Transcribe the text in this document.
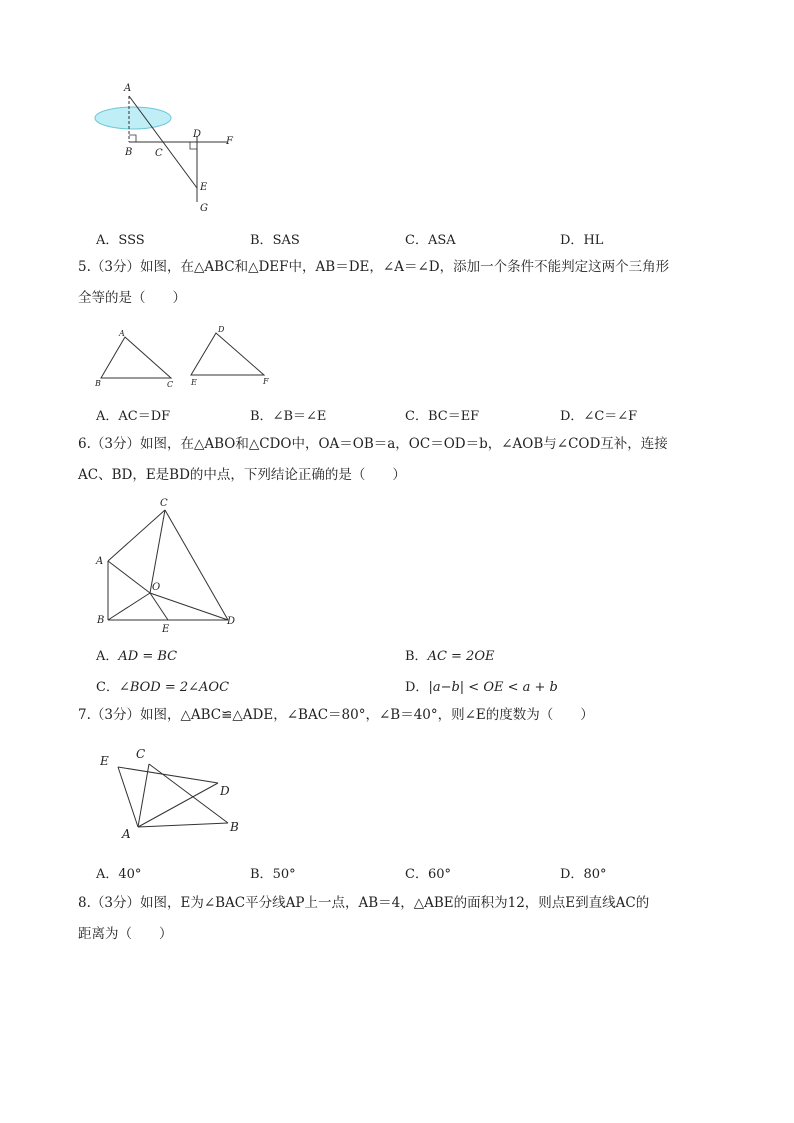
A
B C
D
F
E
G
A．SSS	B．SAS	C．ASA	D．HL
5.（3分）如图，在△ABC和△DEF中，AB＝DE，∠A＝∠D，添加一个条件不能判定这两个三角形
全等的是（　　）
A
B	C
D
E	F
A．AC＝DF	B．∠B＝∠E	C．BC＝EF	D．∠C＝∠F
6.（3分）如图，在△ABO和△CDO中，OA＝OB＝a，OC＝OD＝b，∠AOB与∠COD互补，连接
AC、BD，E是BD的中点，下列结论正确的是（　　）
C
A
O
B
E
D
A．AD = BC	B．AC = 2OE
C．∠BOD = 2∠AOC	D．|a−b| < OE < a + b
7.（3分）如图，△ABC≌△ADE，∠BAC＝80°，∠B＝40°，则∠E的度数为（　　）
E C
D
A	B
A．40°	B．50°	C．60°	D．80°
8.（3分）如图，E为∠BAC平分线AP上一点，AB＝4，△ABE的面积为12，则点E到直线AC的
距离为（　　）
